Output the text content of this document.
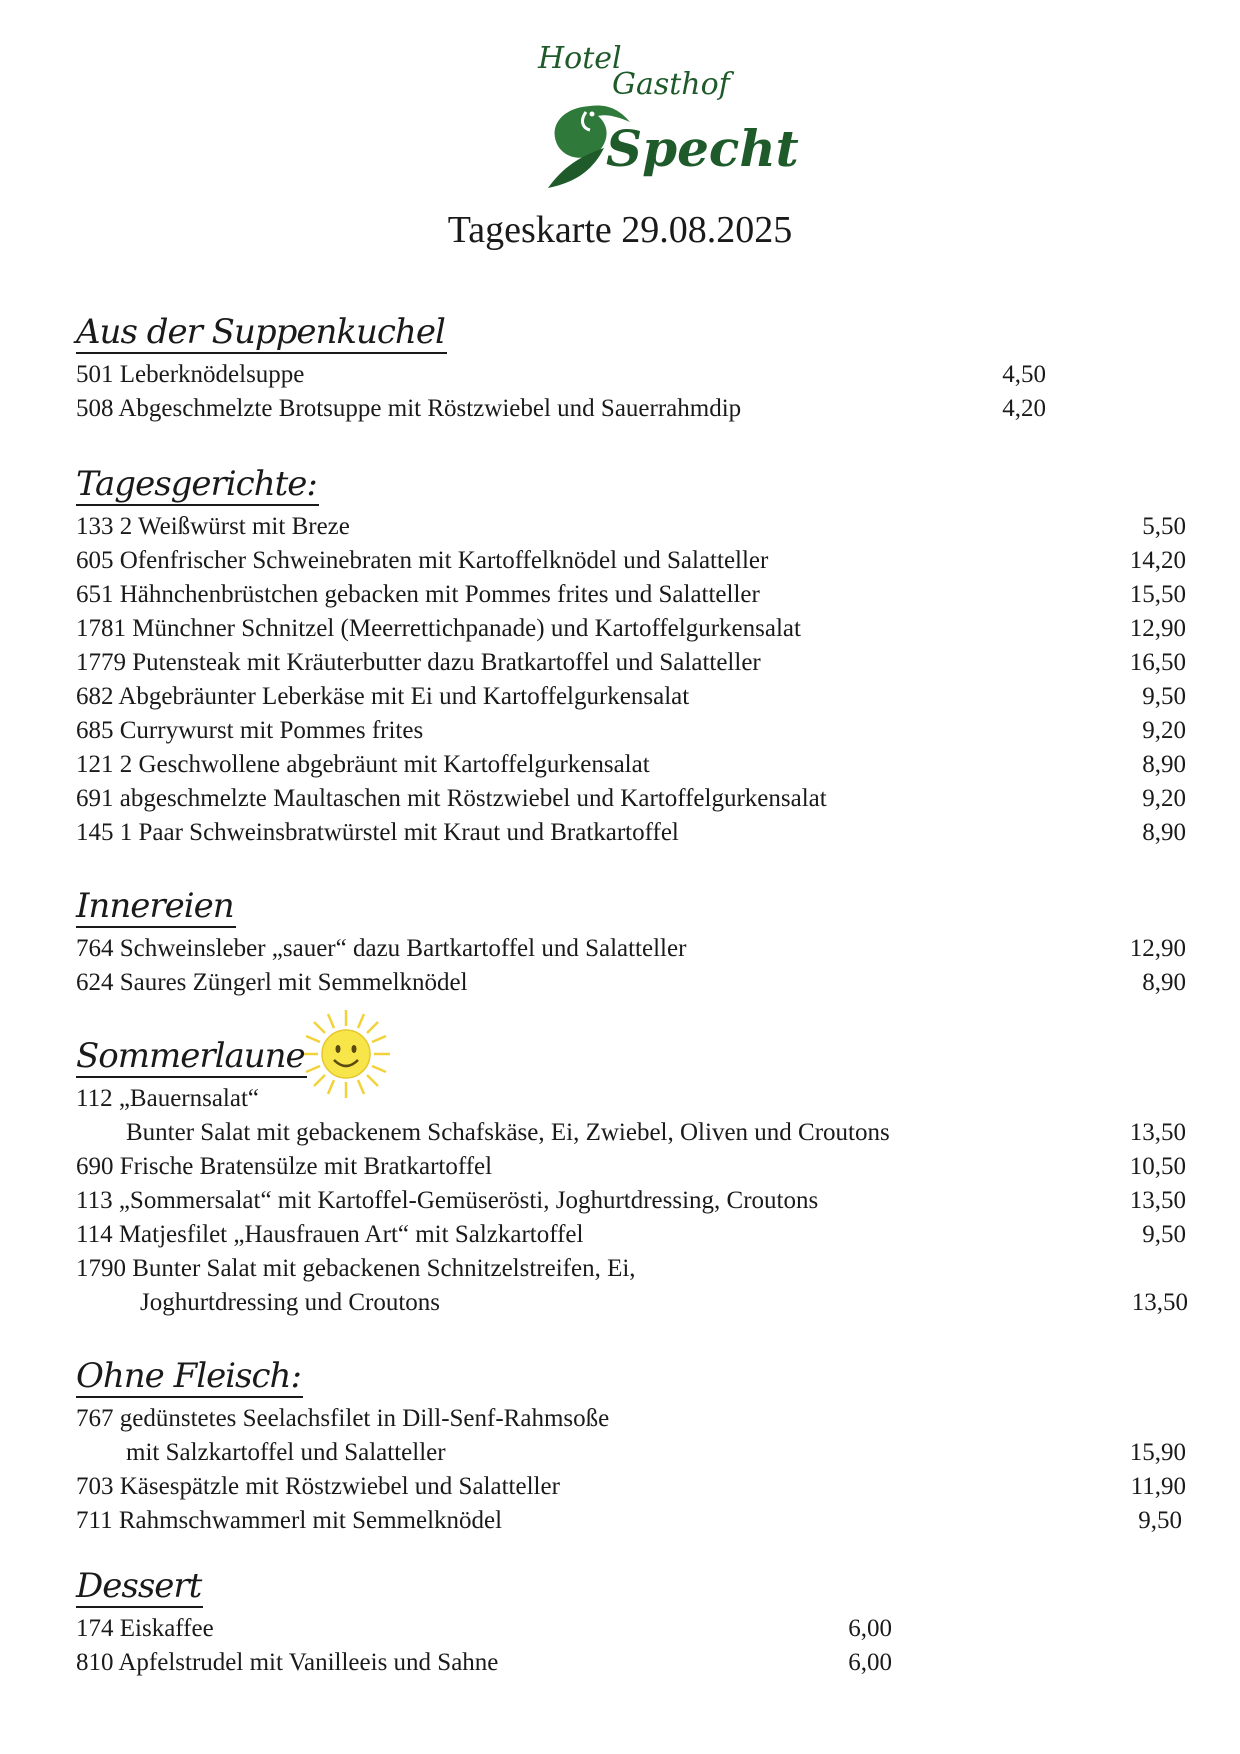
Hotel
Gasthof
Specht
Tageskarte 29.08.2025
Aus der Suppenkuchel
501 Leberknödelsuppe	4,50
508 Abgeschmelzte Brotsuppe mit Röstzwiebel und Sauerrahmdip	4,20
Tagesgerichte:
133 2 Weißwürst mit Breze	5,50
605 Ofenfrischer Schweinebraten mit Kartoffelknödel und Salatteller	14,20
651 Hähnchenbrüstchen gebacken mit Pommes frites und Salatteller	15,50
1781 Münchner Schnitzel (Meerrettichpanade) und Kartoffelgurkensalat	12,90
1779 Putensteak mit Kräuterbutter dazu Bratkartoffel und Salatteller	16,50
682 Abgebräunter Leberkäse mit Ei und Kartoffelgurkensalat	9,50
685 Currywurst mit Pommes frites	9,20
121 2 Geschwollene abgebräunt mit Kartoffelgurkensalat	8,90
691 abgeschmelzte Maultaschen mit Röstzwiebel und Kartoffelgurkensalat	9,20
145 1 Paar Schweinsbratwürstel mit Kraut und Bratkartoffel	8,90
Innereien
764 Schweinsleber „sauer“ dazu Bartkartoffel und Salatteller	12,90
624 Saures Züngerl mit Semmelknödel	8,90
Sommerlaune
112 „Bauernsalat“
Bunter Salat mit gebackenem Schafskäse, Ei, Zwiebel, Oliven und Croutons	13,50
690 Frische Bratensülze mit Bratkartoffel	10,50
113 „Sommersalat“ mit Kartoffel-Gemüserösti, Joghurtdressing, Croutons	13,50
114 Matjesfilet „Hausfrauen Art“ mit Salzkartoffel	9,50
1790 Bunter Salat mit gebackenen Schnitzelstreifen, Ei,
Joghurtdressing und Croutons	13,50
Ohne Fleisch:
767 gedünstetes Seelachsfilet in Dill-Senf-Rahmsoße
mit Salzkartoffel und Salatteller	15,90
703 Käsespätzle mit Röstzwiebel und Salatteller	11,90
711 Rahmschwammerl mit Semmelknödel	9,50
Dessert
174 Eiskaffee	6,00
810 Apfelstrudel mit Vanilleeis und Sahne	6,00
